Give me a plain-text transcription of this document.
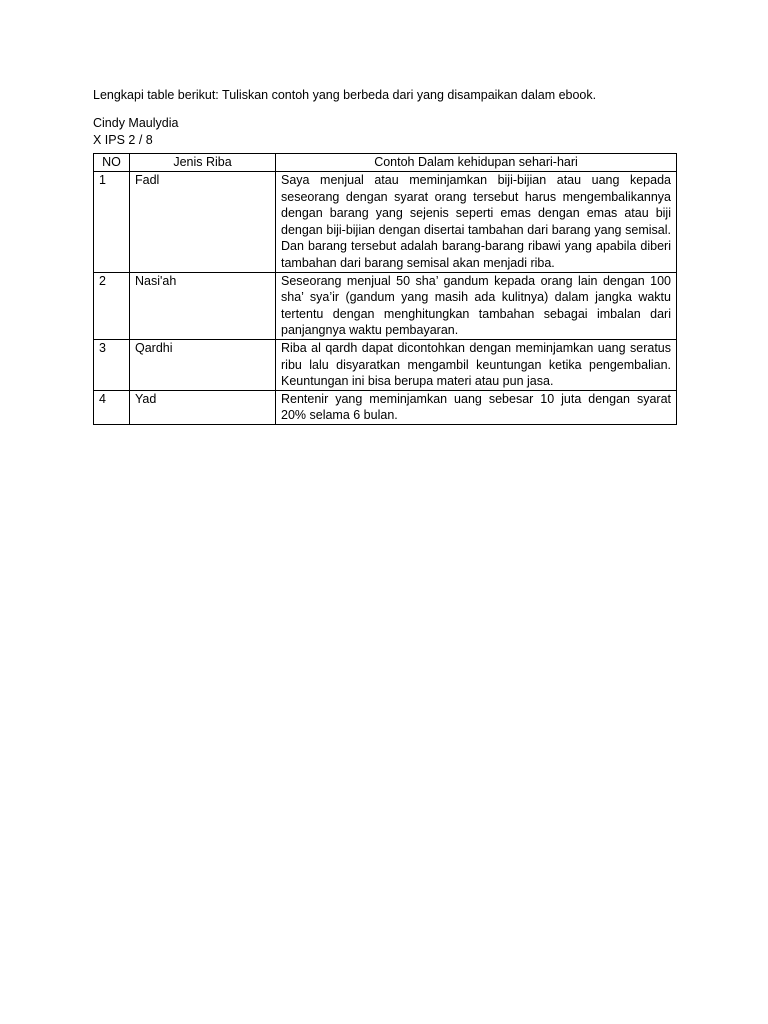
Lengkapi table berikut: Tuliskan contoh yang berbeda dari yang disampaikan dalam ebook.

Cindy Maulydia
X IPS 2 / 8
NO	Jenis Riba	Contoh Dalam kehidupan sehari-hari
1	Fadl	Saya menjual atau meminjamkan biji-bijian atau uang kepada seseorang dengan syarat orang tersebut harus mengembalikannya dengan barang yang sejenis seperti emas dengan emas atau biji dengan biji-bijian dengan disertai tambahan dari barang yang semisal. Dan barang tersebut adalah barang-barang ribawi yang apabila diberi tambahan dari barang semisal akan menjadi riba.
2	Nasi'ah	Seseorang menjual 50 sha’ gandum kepada orang lain dengan 100 sha’ sya’ir (gandum yang masih ada kulitnya) dalam jangka waktu tertentu dengan menghitungkan tambahan sebagai imbalan dari panjangnya waktu pembayaran.
3	Qardhi	Riba al qardh dapat dicontohkan dengan meminjamkan uang seratus ribu lalu disyaratkan mengambil keuntungan ketika pengembalian. Keuntungan ini bisa berupa materi atau pun jasa.
4	Yad	Rentenir yang meminjamkan uang sebesar 10 juta dengan syarat 20% selama 6 bulan.
